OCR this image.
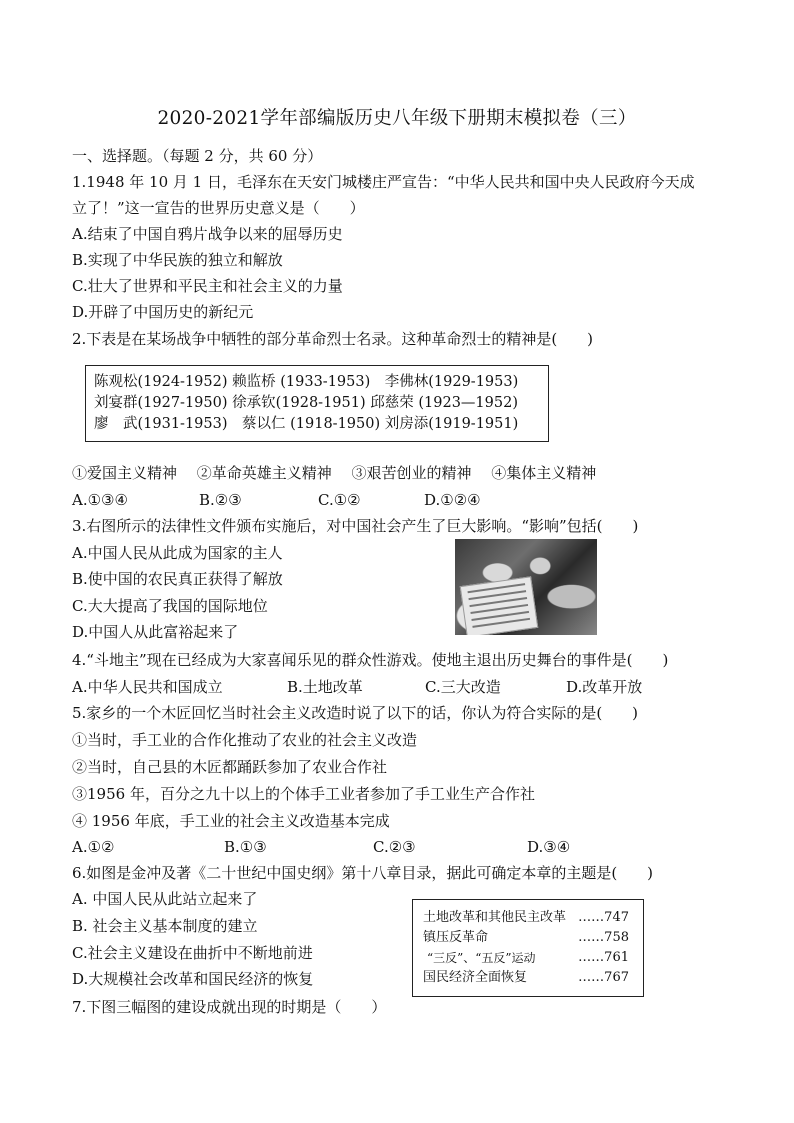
2020-2021学年部编版历史八年级下册期末模拟卷（三）
一、选择题。（每题 2 分，共 60 分）
1.1948 年 10 月 1 日，毛泽东在天安门城楼庄严宣告：“中华人民共和国中央人民政府今天成
立了！”这一宣告的世界历史意义是（　　）
A.结束了中国自鸦片战争以来的屈辱历史
B.实现了中华民族的独立和解放
C.壮大了世界和平民主和社会主义的力量
D.开辟了中国历史的新纪元
2.下表是在某场战争中牺牲的部分革命烈士名录。这种革命烈士的精神是(　　)
陈观松(1924-1952) 赖监桥 (1933-1953)　李佛林(1929-1953)
刘宴群(1927-1950) 徐承钦(1928-1951) 邱慈荣 (1923—1952)
廖　武(1931-1953)　蔡以仁 (1918-1950) 刘房添(1919-1951)
①爱国主义精神　 ②革命英雄主义精神　 ③艰苦创业的精神　 ④集体主义精神
A.①③④	B.②③	C.①②	D.①②④
3.右图所示的法律性文件颁布实施后，对中国社会产生了巨大影响。“影响”包括(　　)
A.中国人民从此成为国家的主人
B.使中国的农民真正获得了解放
C.大大提高了我国的国际地位
D.中国人从此富裕起来了
4.“斗地主”现在已经成为大家喜闻乐见的群众性游戏。使地主退出历史舞台的事件是(　　)
A.中华人民共和国成立	B.土地改革	C.三大改造	D.改革开放
5.家乡的一个木匠回忆当时社会主义改造时说了以下的话，你认为符合实际的是(　　)
①当时，手工业的合作化推动了农业的社会主义改造
②当时，自己县的木匠都踊跃参加了农业合作社
③1956 年，百分之九十以上的个体手工业者参加了手工业生产合作社
④ 1956 年底，手工业的社会主义改造基本完成
A.①②	B.①③	C.②③	D.③④
6.如图是金冲及著《二十世纪中国史纲》第十八章目录，据此可确定本章的主题是(　　)
A. 中国人民从此站立起来了
B. 社会主义基本制度的建立
C.社会主义建设在曲折中不断地前进
D.大规模社会改革和国民经济的恢复
土地改革和其他民主改革 ……747
镇压反革命	……758
“三反”、“五反”运动	……761
国民经济全面恢复	……767
7.下图三幅图的建设成就出现的时期是（　　）
